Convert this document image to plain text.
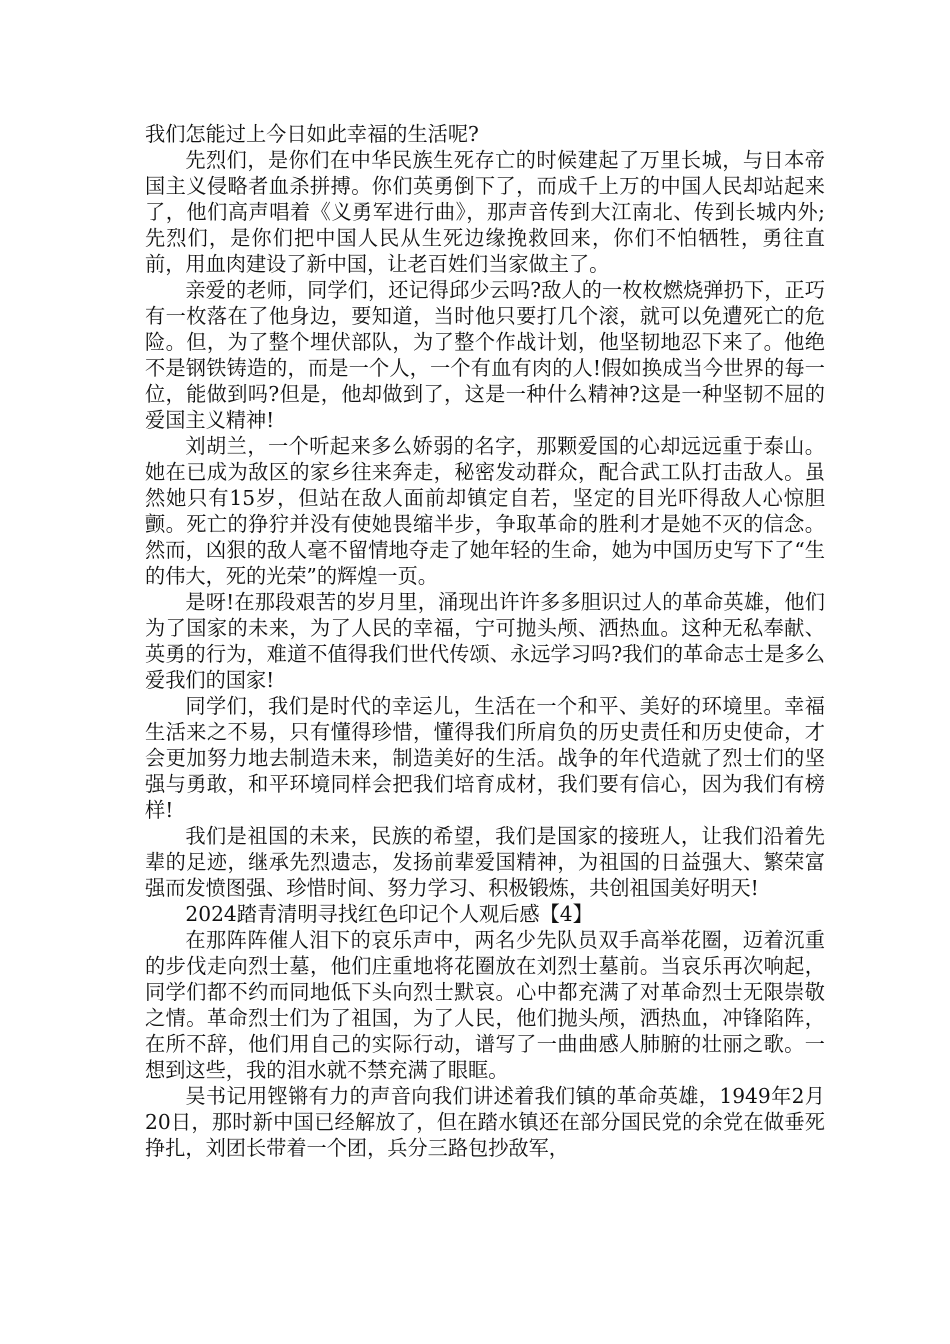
我们怎能过上今日如此幸福的生活呢?

先烈们，是你们在中华民族生死存亡的时候建起了万里长城，与日本帝国主义侵略者血杀拼搏。你们英勇倒下了，而成千上万的中国人民却站起来了，他们高声唱着《义勇军进行曲》，那声音传到大江南北、传到长城内外;先烈们，是你们把中国人民从生死边缘挽救回来，你们不怕牺牲，勇往直前，用血肉建设了新中国，让老百姓们当家做主了。

亲爱的老师，同学们，还记得邱少云吗?敌人的一枚枚燃烧弹扔下，正巧有一枚落在了他身边，要知道，当时他只要打几个滚，就可以免遭死亡的危险。但，为了整个埋伏部队，为了整个作战计划，他坚韧地忍下来了。他绝不是钢铁铸造的，而是一个人，一个有血有肉的人!假如换成当今世界的每一位，能做到吗?但是，他却做到了，这是一种什么精神?这是一种坚韧不屈的爱国主义精神!

刘胡兰，一个听起来多么娇弱的名字，那颗爱国的心却远远重于泰山。她在已成为敌区的家乡往来奔走，秘密发动群众，配合武工队打击敌人。虽然她只有15岁，但站在敌人面前却镇定自若，坚定的目光吓得敌人心惊胆颤。死亡的狰狞并没有使她畏缩半步，争取革命的胜利才是她不灭的信念。然而，凶狠的敌人毫不留情地夺走了她年轻的生命，她为中国历史写下了“生的伟大，死的光荣”的辉煌一页。

是呀!在那段艰苦的岁月里，涌现出许许多多胆识过人的革命英雄，他们为了国家的未来，为了人民的幸福，宁可抛头颅、洒热血。这种无私奉献、英勇的行为，难道不值得我们世代传颂、永远学习吗?我们的革命志士是多么爱我们的国家!

同学们，我们是时代的幸运儿，生活在一个和平、美好的环境里。幸福生活来之不易，只有懂得珍惜，懂得我们所肩负的历史责任和历史使命，才会更加努力地去制造未来，制造美好的生活。战争的年代造就了烈士们的坚强与勇敢，和平环境同样会把我们培育成材，我们要有信心，因为我们有榜样!

我们是祖国的未来，民族的希望，我们是国家的接班人，让我们沿着先辈的足迹，继承先烈遗志，发扬前辈爱国精神，为祖国的日益强大、繁荣富强而发愤图强、珍惜时间、努力学习、积极锻炼，共创祖国美好明天!

2024踏青清明寻找红色印记个人观后感【4】

在那阵阵催人泪下的哀乐声中，两名少先队员双手高举花圈，迈着沉重的步伐走向烈士墓，他们庄重地将花圈放在刘烈士墓前。当哀乐再次响起，同学们都不约而同地低下头向烈士默哀。心中都充满了对革命烈士无限崇敬之情。革命烈士们为了祖国，为了人民，他们抛头颅，洒热血，冲锋陷阵，在所不辞，他们用自己的实际行动，谱写了一曲曲感人肺腑的壮丽之歌。一想到这些，我的泪水就不禁充满了眼眶。

吴书记用铿锵有力的声音向我们讲述着我们镇的革命英雄，1949年2月20日，那时新中国已经解放了，但在踏水镇还在部分国民党的余党在做垂死挣扎，刘团长带着一个团，兵分三路包抄敌军，
